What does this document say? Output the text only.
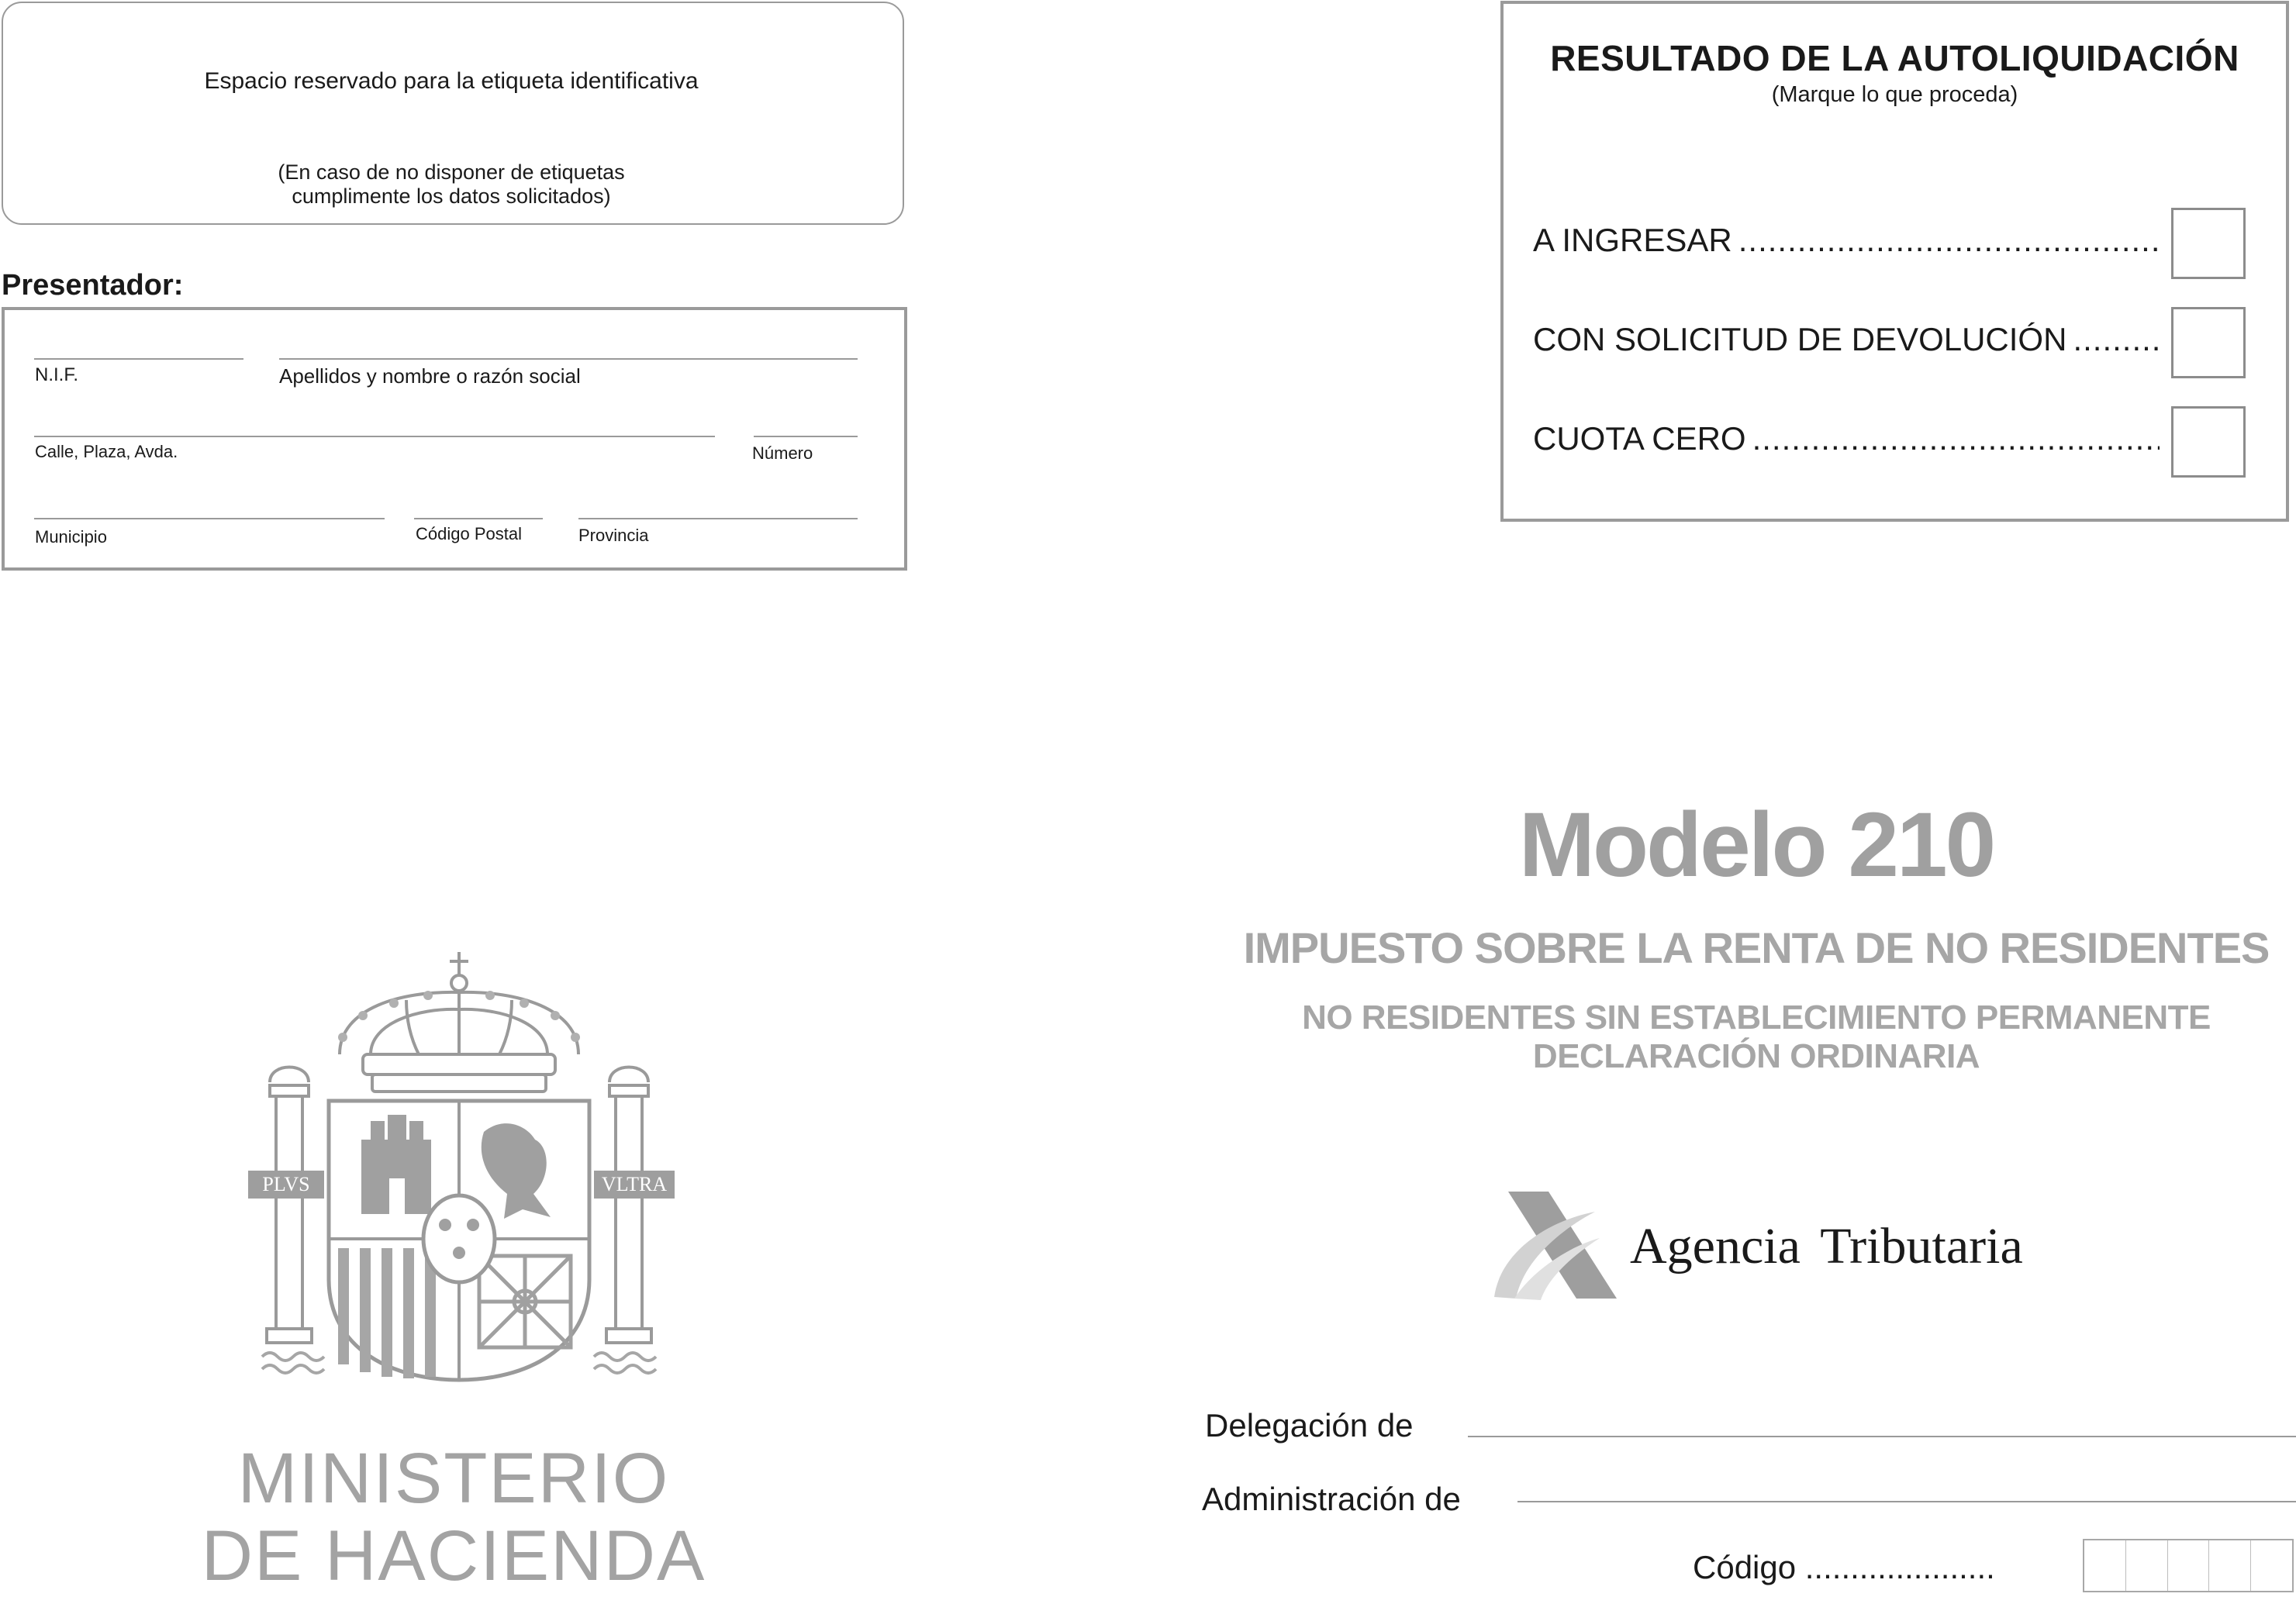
Espacio reservado para la etiqueta identificativa
(En caso de no disponer de etiquetas
cumplimente los datos solicitados)
Presentador:
N.I.F.	Apellidos y nombre o razón social
Calle, Plaza, Avda.	Número
Municipio	Código Postal	Provincia
RESULTADO DE LA AUTOLIQUIDACIÓN
(Marque lo que proceda)
A INGRESAR
.....
CON SOLICITUD DE DEVOLUCIÓN
.....
CUOTA CERO
.....
Modelo 210
IMPUESTO SOBRE LA RENTA DE NO RESIDENTES
NO RESIDENTES SIN ESTABLECIMIENTO PERMANENTE
DECLARACIÓN ORDINARIA
Agencia Tributaria
Delegación de
Administración de
Código .....................
PLVS	VLTRA
MINISTERIO
DE HACIENDA
